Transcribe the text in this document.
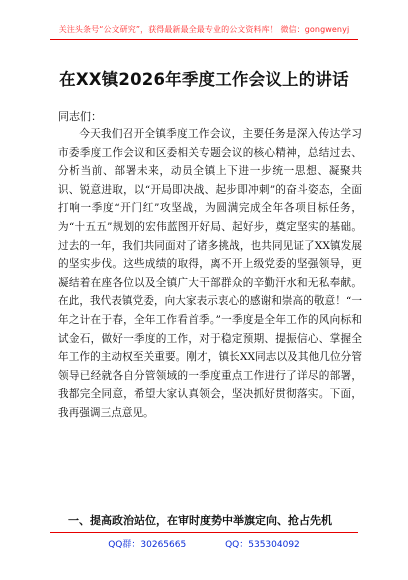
关注头条号“公文研究”，获得最新最全最专业的公文资料库！ 微信：gongwenyj
在XX镇2026年季度工作会议上的讲话
同志们：
今天我们召开全镇季度工作会议，主要任务是深入传达学习市委季度工作会议和区委相关专题会议的核心精神，总结过去、分析当前、部署未来，动员全镇上下进一步统一思想、凝聚共识、锐意进取，以“开局即决战、起步即冲刺”的奋斗姿态，全面打响一季度“开门红”攻坚战，为圆满完成全年各项目标任务，为“十五五”规划的宏伟蓝图开好局、起好步，奠定坚实的基础。过去的一年，我们共同面对了诸多挑战，也共同见证了XX镇发展的坚实步伐。这些成绩的取得，离不开上级党委的坚强领导，更凝结着在座各位以及全镇广大干部群众的辛勤汗水和无私奉献。在此，我代表镇党委，向大家表示衷心的感谢和崇高的敬意！“一年之计在于春，全年工作看首季。”一季度是全年工作的风向标和试金石，做好一季度的工作，对于稳定预期、提振信心、掌握全年工作的主动权至关重要。刚才，镇长XX同志以及其他几位分管领导已经就各自分管领域的一季度重点工作进行了详尽的部署，我都完全同意，希望大家认真领会，坚决抓好贯彻落实。下面，我再强调三点意见。
一、提高政治站位，在审时度势中举旗定向、抢占先机
QQ群：30265665	QQ：535304092
